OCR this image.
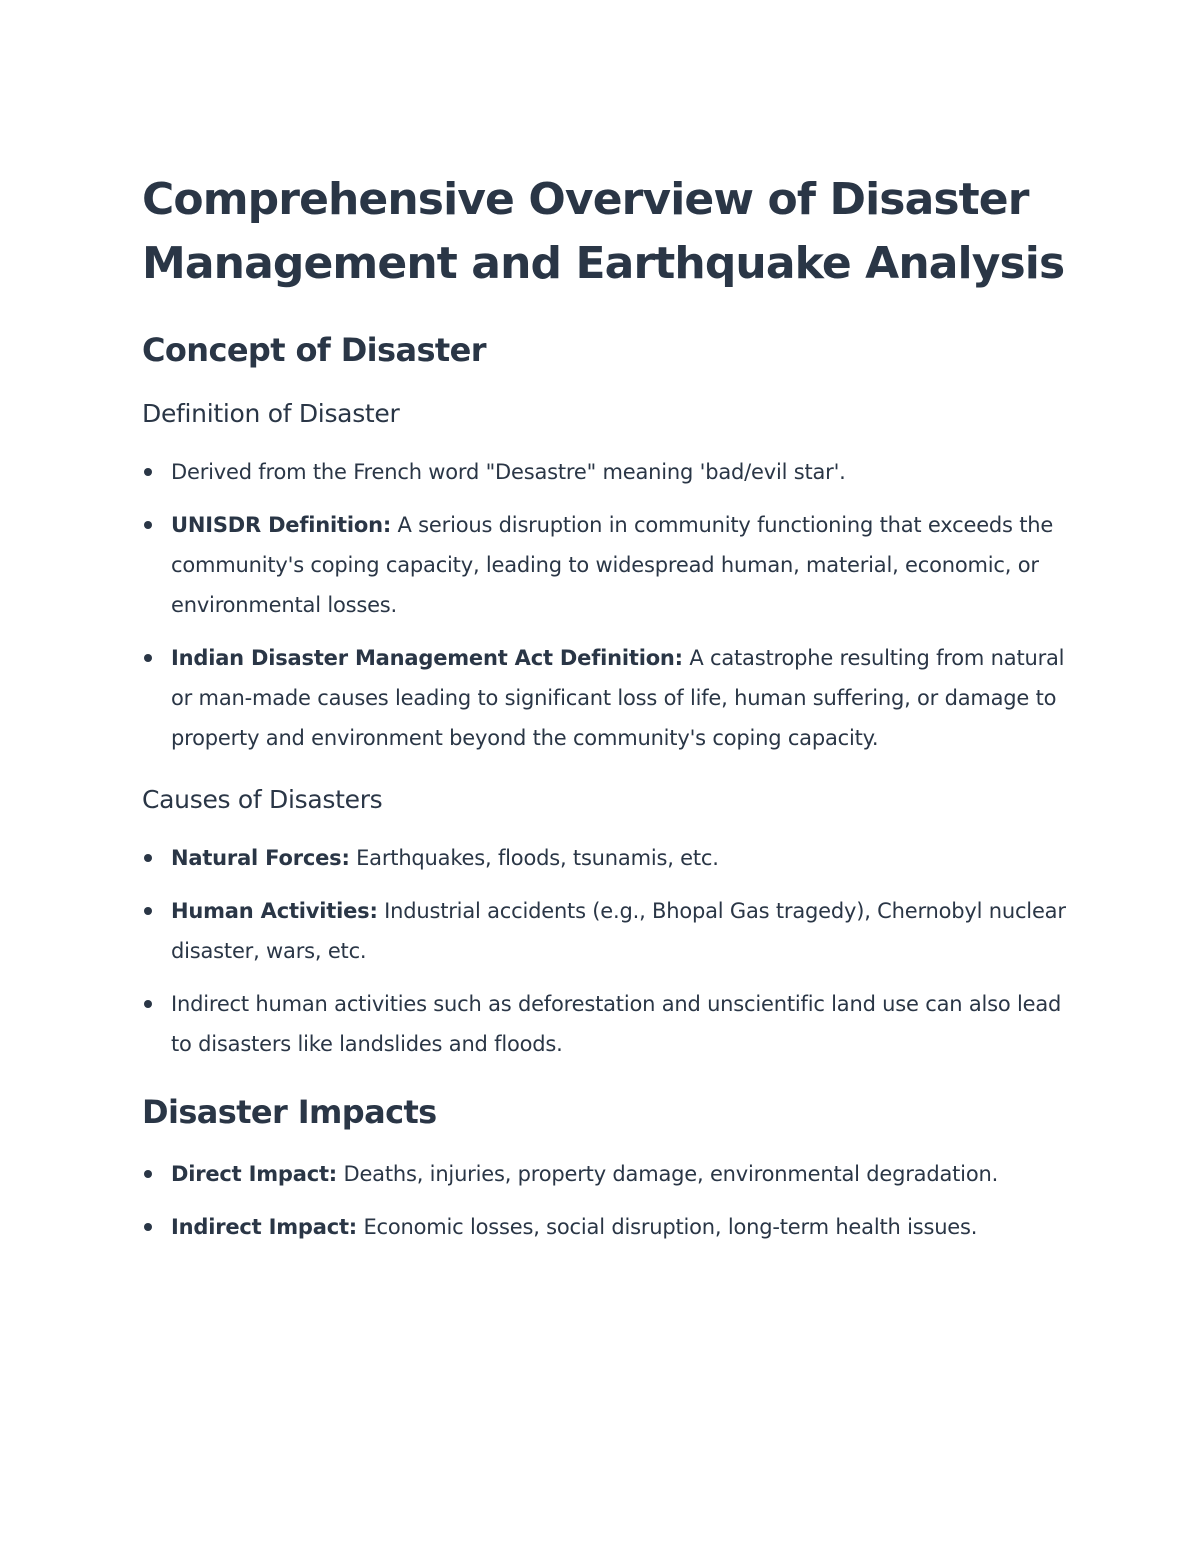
Comprehensive Overview of Disaster Management and Earthquake Analysis
Concept of Disaster
Definition of Disaster
Derived from the French word "Desastre" meaning 'bad/evil star'.
UNISDR Definition: A serious disruption in community functioning that exceeds the community's coping capacity, leading to widespread human, material, economic, or environmental losses.
Indian Disaster Management Act Definition: A catastrophe resulting from natural or man-made causes leading to significant loss of life, human suffering, or damage to property and environment beyond the community's coping capacity.
Causes of Disasters
Natural Forces: Earthquakes, floods, tsunamis, etc.
Human Activities: Industrial accidents (e.g., Bhopal Gas tragedy), Chernobyl nuclear disaster, wars, etc.
Indirect human activities such as deforestation and unscientific land use can also lead to disasters like landslides and floods.
Disaster Impacts
Direct Impact: Deaths, injuries, property damage, environmental degradation.
Indirect Impact: Economic losses, social disruption, long-term health issues.
